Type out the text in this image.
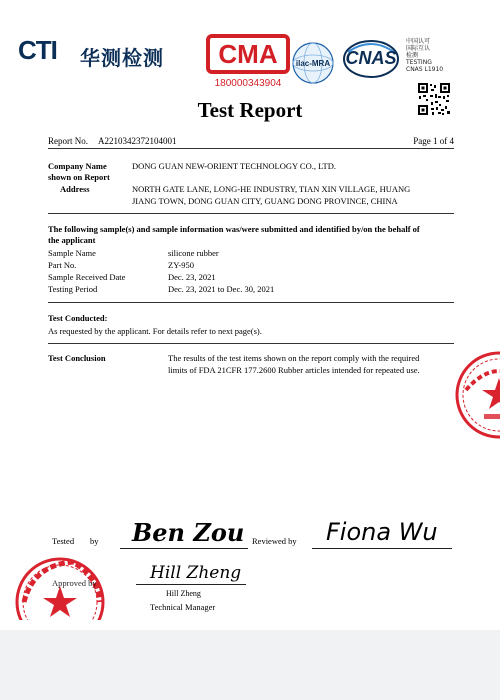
CTI 华测检测	CMA
180000343904
ilac-MRA CNAS
中国认可
国际互认
检测
TESTING
CNAS L1910
Test Report
Report No. A2210342372104001	Page 1 of 4
Company Name
shown on Report
DONG GUAN NEW-ORIENT TECHNOLOGY CO., LTD.
Address	NORTH GATE LANE, LONG-HE INDUSTRY, TIAN XIN VILLAGE, HUANG
JIANG TOWN, DONG GUAN CITY, GUANG DONG PROVINCE, CHINA
The following sample(s) and sample information was/were submitted and identified by/on the behalf of
the applicant
Sample Name	silicone rubber
Part No.	ZY-950
Sample Received Date	Dec. 23, 2021
Testing Period	Dec. 23, 2021 to Dec. 30, 2021
Test Conducted:
As requested by the applicant. For details refer to next page(s).
Test Conclusion	The results of the test items shown on the report comply with the required
limits of FDA 21CFR 177.2600 Rubber articles intended for repeated use.
Tested by Ben Zou Reviewed by Fiona Wu
Approved by	Hill Zheng
Hill Zheng
Technical Manager
